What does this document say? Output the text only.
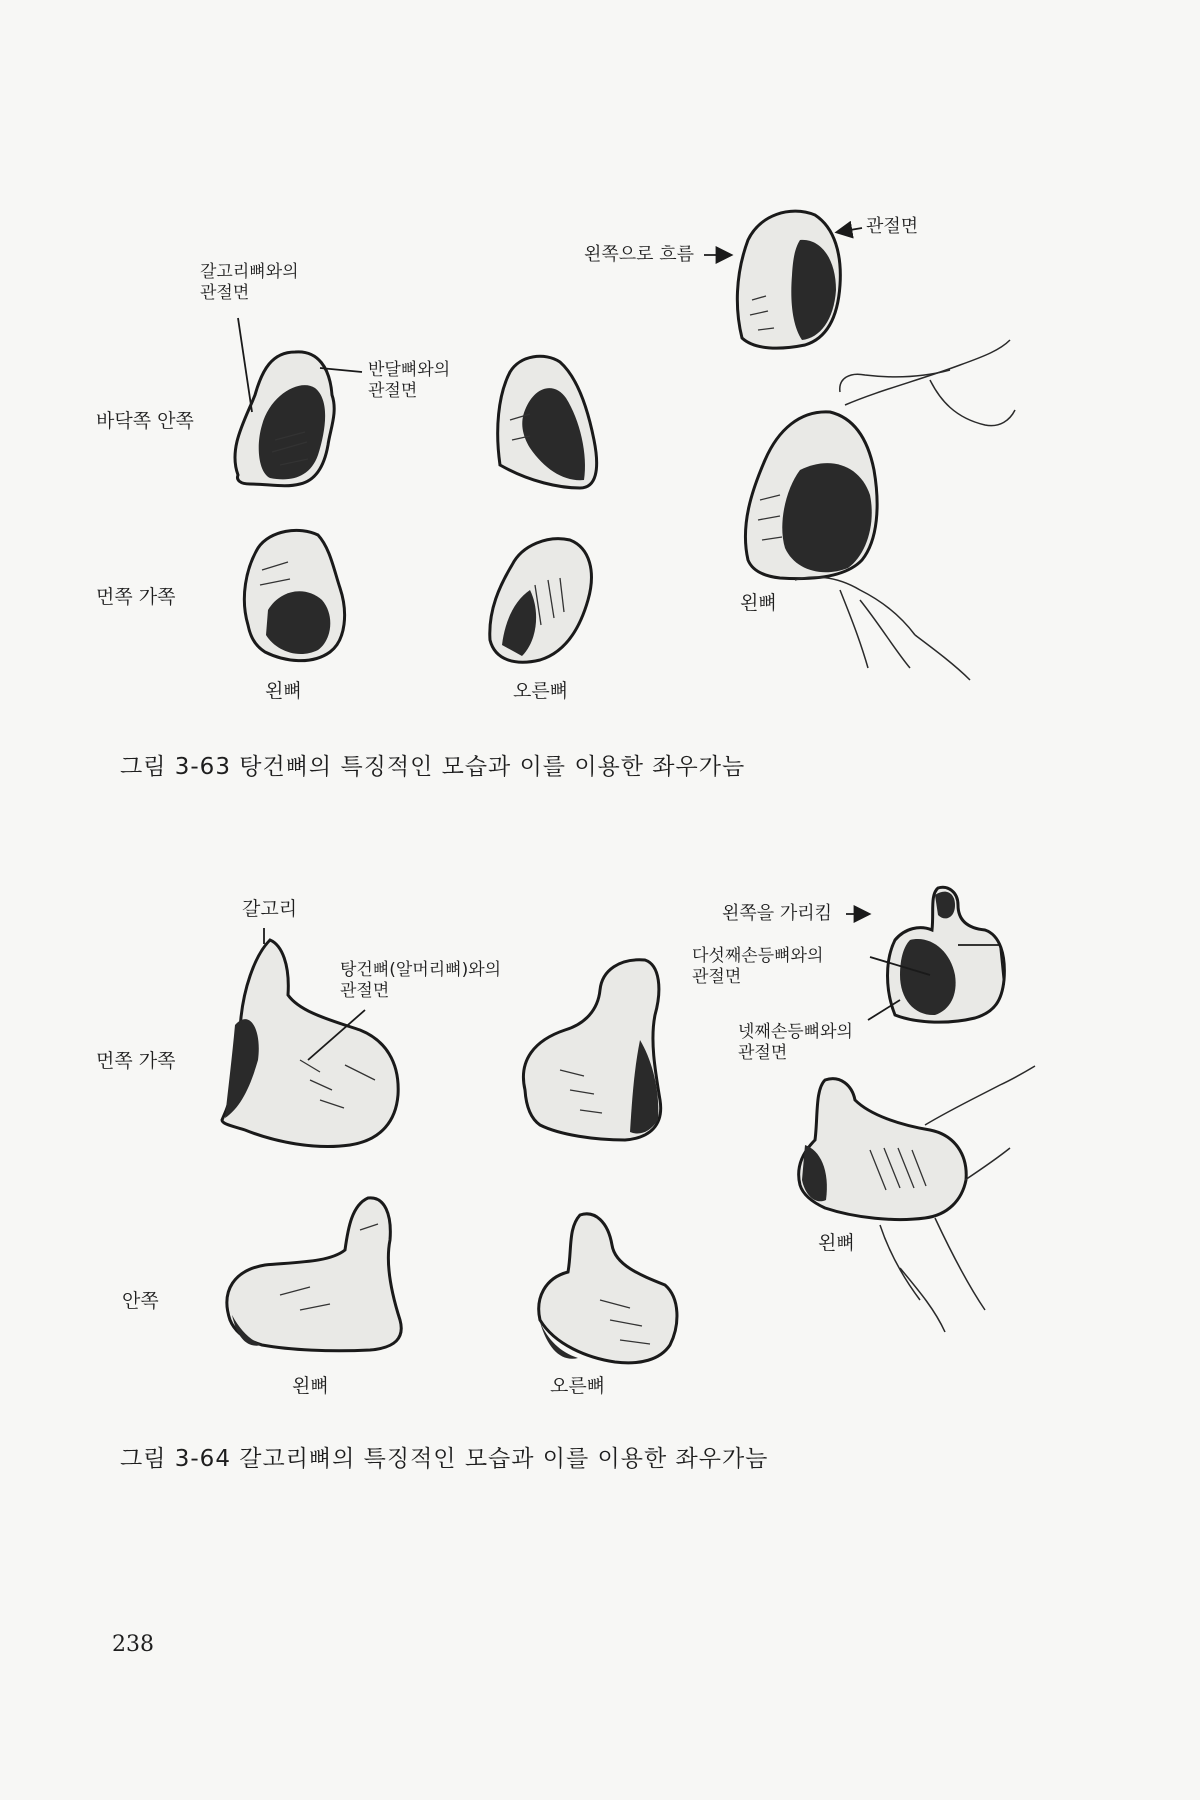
갈고리뼈와의
관절면
반달뼈와의
관절면
바닥쪽 안쪽
먼쪽 가쪽
왼쪽으로 흐름
관절면
왼뼈
왼뼈	오른뼈
그림 3-63 탕건뼈의 특징적인 모습과 이를 이용한 좌우가늠
갈고리
탕건뼈(알머리뼈)와의
관절면
먼쪽 가쪽
안쪽
왼쪽을 가리킴
다섯째손등뼈와의
관절면
넷째손등뼈와의
관절면
왼뼈
왼뼈	오른뼈
그림 3-64 갈고리뼈의 특징적인 모습과 이를 이용한 좌우가늠
238
